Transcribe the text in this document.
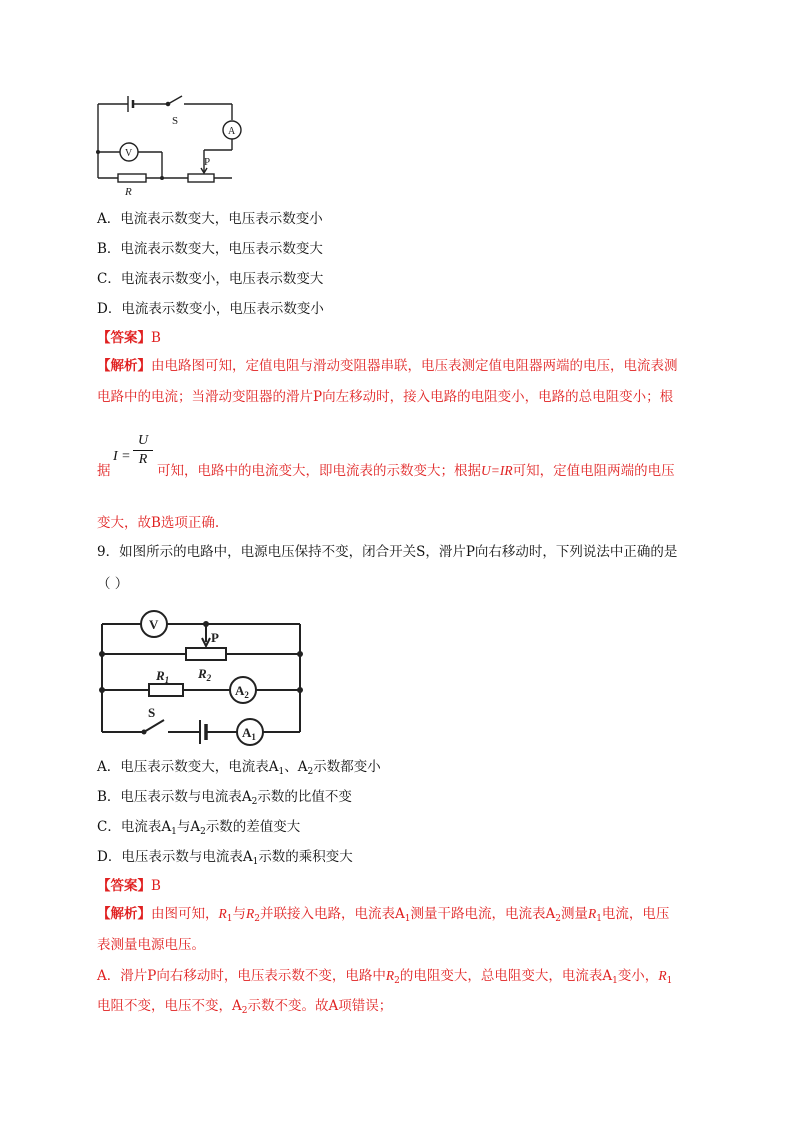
S
A
V
P
R
A．电流表示数变大，电压表示数变小
B．电流表示数变大，电压表示数变大
C．电流表示数变小，电压表示数变大
D．电流表示数变小，电压表示数变小
【答案】B
【解析】由电路图可知，定值电阻与滑动变阻器串联，电压表测定值电阻器两端的电压，电流表测
电路中的电流；当滑动变阻器的滑片P向左移动时，接入电路的电阻变小，电路的总电阻变小；根
$I = \frac{U}{R}$
据	可知，电路中的电流变大，即电流表的示数变大；根据U=IR可知，定值电阻两端的电压
变大，故B选项正确.
9．如图所示的电路中，电源电压保持不变，闭合开关S，滑片P向右移动时，下列说法中正确的是
（ ）
V
P
$R_2$
$R_1$
$A_2$
S
$A_1$
A．电压表示数变大，电流表$A_1$、$A_2$示数都变小
B．电压表示数与电流表$A_2$示数的比值不变
C．电流表$A_1$与$A_2$示数的差值变大
D．电压表示数与电流表$A_1$示数的乘积变大
【答案】B
【解析】由图可知，$R_1$与$R_2$并联接入电路，电流表$A_1$测量干路电流，电流表$A_2$测量$R_1$电流，电压
表测量电源电压。
A．滑片P向右移动时，电压表示数不变，电路中$R_2$的电阻变大，总电阻变大，电流表$A_1$变小，$R_1$
电阻不变，电压不变，$A_2$示数不变。故A项错误；
